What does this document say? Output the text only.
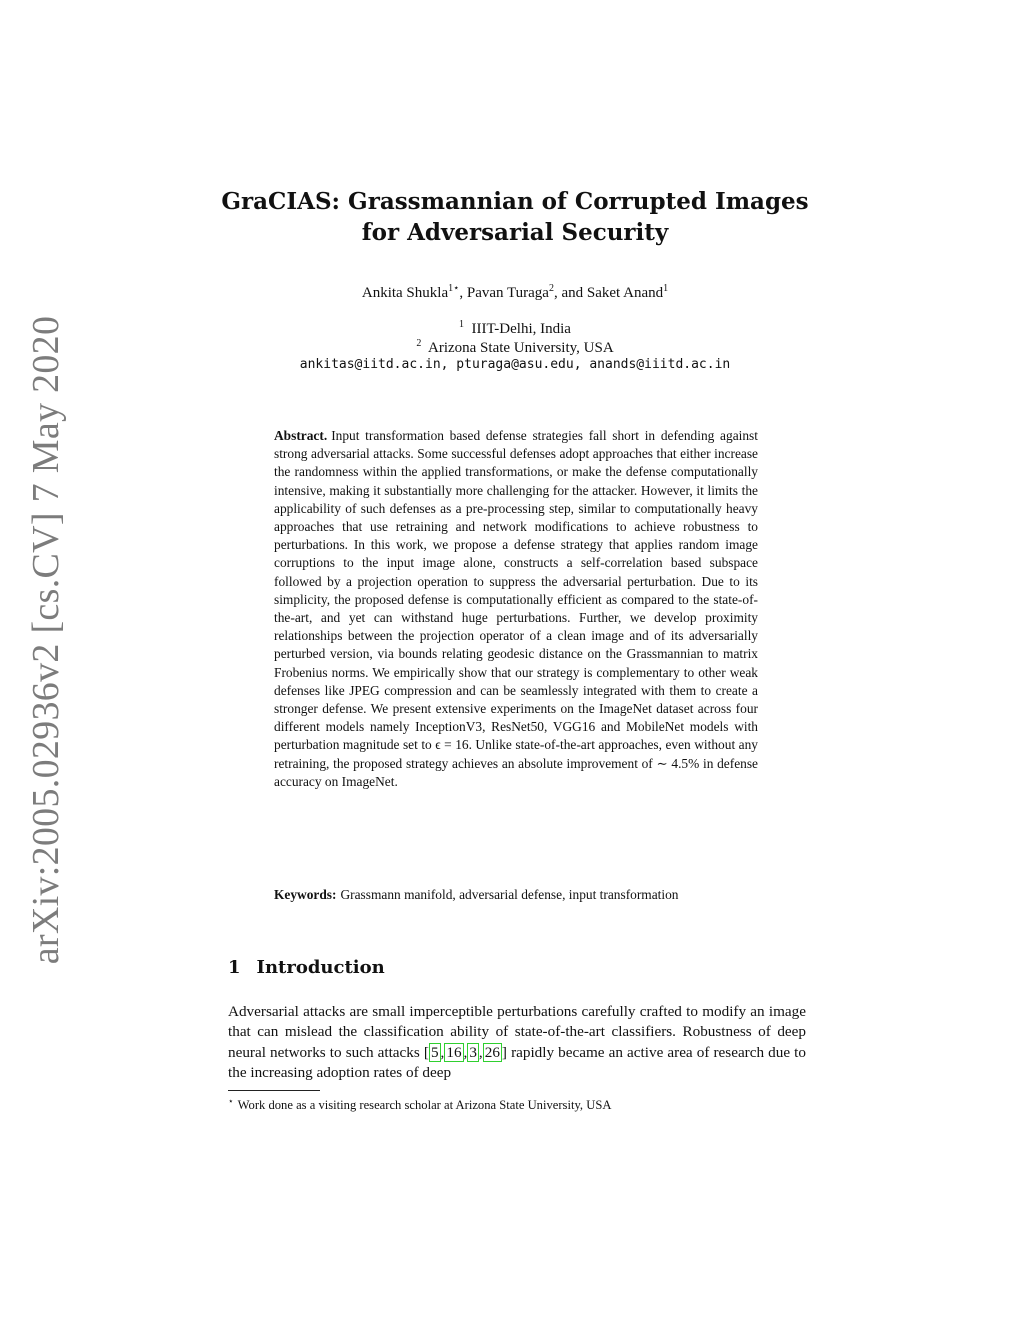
arXiv:2005.02936v2 [cs.CV] 7 May 2020
GraCIAS: Grassmannian of Corrupted Images
for Adversarial Security
Ankita Shukla$^{1⋆}$, Pavan Turaga$^2$, and Saket Anand$^1$
$^1$ IIIT-Delhi, India
$^2$ Arizona State University, USA
ankitas@iitd.ac.in, pturaga@asu.edu, anands@iiitd.ac.in
Abstract. Input transformation based defense strategies fall short in defending against strong adversarial attacks. Some successful defenses adopt approaches that either increase the randomness within the applied transformations, or make the defense computationally intensive, making it substantially more challenging for the attacker. However, it limits the applicability of such defenses as a pre-processing step, similar to computationally heavy approaches that use retraining and network modifications to achieve robustness to perturbations. In this work, we propose a defense strategy that applies random image corruptions to the input image alone, constructs a self-correlation based subspace followed by a projection operation to suppress the adversarial perturbation. Due to its simplicity, the proposed defense is computationally efficient as compared to the state-of-the-art, and yet can withstand huge perturbations. Further, we develop proximity relationships between the projection operator of a clean image and of its adversarially perturbed version, via bounds relating geodesic distance on the Grassmannian to matrix Frobenius norms. We empirically show that our strategy is complementary to other weak defenses like JPEG compression and can be seamlessly integrated with them to create a stronger defense. We present extensive experiments on the ImageNet dataset across four different models namely InceptionV3, ResNet50, VGG16 and MobileNet models with perturbation magnitude set to ϵ = 16. Unlike state-of-the-art approaches, even without any retraining, the proposed strategy achieves an absolute improvement of ∼ 4.5% in defense accuracy on ImageNet.
Keywords: Grassmann manifold, adversarial defense, input transformation
1 Introduction
Adversarial attacks are small imperceptible perturbations carefully crafted to modify an image that can mislead the classification ability of state-of-the-art classifiers. Robustness of deep neural networks to such attacks [ 5 , 16 , 3 , 26 ] rapidly became an active area of research due to the increasing adoption rates of deep
⋆ Work done as a visiting research scholar at Arizona State University, USA
